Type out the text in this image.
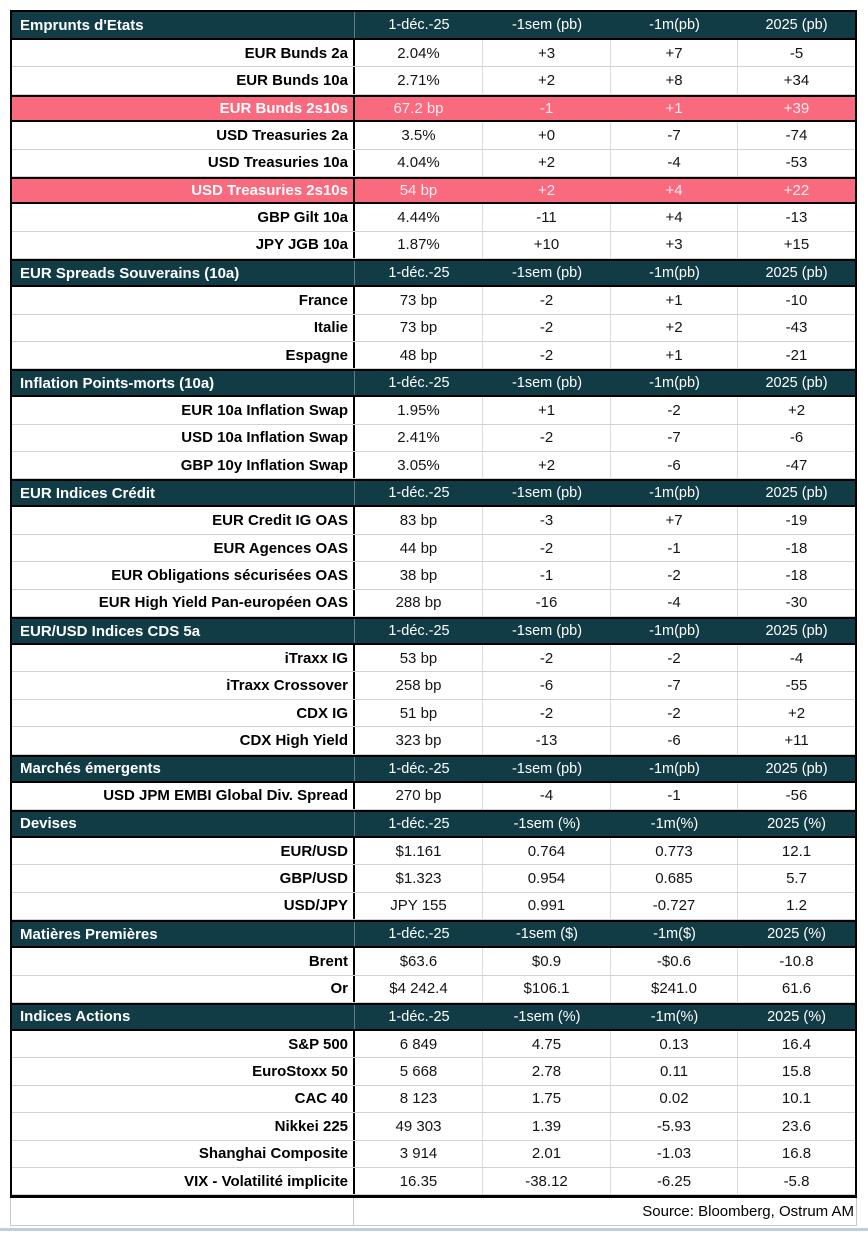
Emprunts d'Etats	1-déc.-25	-1sem (pb)	-1m(pb)	2025 (pb)
EUR Bunds 2a	2.04%	+3	+7	-5
EUR Bunds 10a	2.71%	+2	+8	+34
EUR Bunds 2s10s	67.2 bp	-1	+1	+39
USD Treasuries 2a	3.5%	+0	-7	-74
USD Treasuries 10a	4.04%	+2	-4	-53
USD Treasuries 2s10s	54 bp	+2	+4	+22
GBP Gilt 10a	4.44%	-11	+4	-13
JPY JGB 10a	1.87%	+10	+3	+15
EUR Spreads Souverains (10a)	1-déc.-25	-1sem (pb)	-1m(pb)	2025 (pb)
France	73 bp	-2	+1	-10
Italie	73 bp	-2	+2	-43
Espagne	48 bp	-2	+1	-21
Inflation Points-morts (10a)	1-déc.-25	-1sem (pb)	-1m(pb)	2025 (pb)
EUR 10a Inflation Swap	1.95%	+1	-2	+2
USD 10a Inflation Swap	2.41%	-2	-7	-6
GBP 10y Inflation Swap	3.05%	+2	-6	-47
EUR Indices Crédit	1-déc.-25	-1sem (pb)	-1m(pb)	2025 (pb)
EUR Credit IG OAS	83 bp	-3	+7	-19
EUR Agences OAS	44 bp	-2	-1	-18
EUR Obligations sécurisées OAS	38 bp	-1	-2	-18
EUR High Yield Pan-européen OAS	288 bp	-16	-4	-30
EUR/USD Indices CDS 5a	1-déc.-25	-1sem (pb)	-1m(pb)	2025 (pb)
iTraxx IG	53 bp	-2	-2	-4
iTraxx Crossover	258 bp	-6	-7	-55
CDX IG	51 bp	-2	-2	+2
CDX High Yield	323 bp	-13	-6	+11
Marchés émergents	1-déc.-25	-1sem (pb)	-1m(pb)	2025 (pb)
USD JPM EMBI Global Div. Spread	270 bp	-4	-1	-56
Devises	1-déc.-25	-1sem (%)	-1m(%)	2025 (%)
EUR/USD	$1.161	0.764	0.773	12.1
GBP/USD	$1.323	0.954	0.685	5.7
USD/JPY	JPY 155	0.991	-0.727	1.2
Matières Premières	1-déc.-25	-1sem ($)	-1m($)	2025 (%)
Brent	$63.6	$0.9	-$0.6	-10.8
Or	$4 242.4	$106.1	$241.0	61.6
Indices Actions	1-déc.-25	-1sem (%)	-1m(%)	2025 (%)
S&P 500	6 849	4.75	0.13	16.4
EuroStoxx 50	5 668	2.78	0.11	15.8
CAC 40	8 123	1.75	0.02	10.1
Nikkei 225	49 303	1.39	-5.93	23.6
Shanghai Composite	3 914	2.01	-1.03	16.8
VIX - Volatilité implicite	16.35	-38.12	-6.25	-5.8
Source: Bloomberg, Ostrum AM
